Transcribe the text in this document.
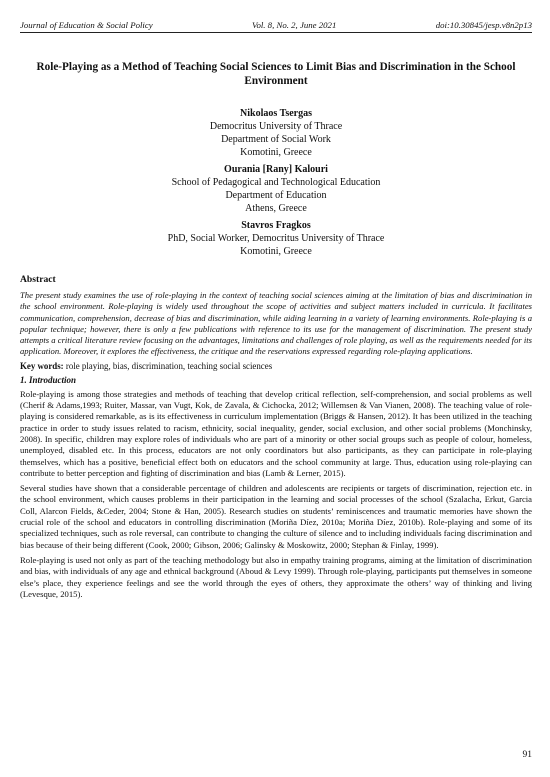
Journal of Education & Social Policy	Vol. 8, No. 2, June 2021	doi:10.30845/jesp.v8n2p13
Role-Playing as a Method of Teaching Social Sciences to Limit Bias and Discrimination in the School Environment
Nikolaos Tsergas
Democritus University of Thrace
Department of Social Work
Komotini, Greece
Ourania [Rany] Kalouri
School of Pedagogical and Technological Education
Department of Education
Athens, Greece
Stavros Fragkos
PhD, Social Worker, Democritus University of Thrace
Komotini, Greece
Abstract
The present study examines the use of role-playing in the context of teaching social sciences aiming at the limitation of bias and discrimination in the school environment. Role-playing is widely used throughout the scope of activities and subject matters included in curricula. It facilitates communication, comprehension, decrease of bias and discrimination, while aiding learning in a variety of learning environments. Role-playing is a popular technique; however, there is only a few publications with reference to its use for the management of discrimination. The present study attempts a critical literature review focusing on the advantages, limitations and challenges of role playing, as well as the requirements needed for its application. Moreover, it explores the effectiveness, the critique and the reservations expressed regarding role-playing applications.
Key words: role playing, bias, discrimination, teaching social sciences
1. Introduction
Role-playing is among those strategies and methods of teaching that develop critical reflection, self-comprehension, and social problems as well (Cherif & Adams,1993; Ruiter, Massar, van Vugt, Kok, de Zavala, & Cichocka, 2012; Willemsen & Van Vianen, 2008). The teaching value of role-playing is considered remarkable, as is its effectiveness in curriculum implementation (Briggs & Hansen, 2012). It has been utilized in the teaching practice in order to study issues related to racism, ethnicity, social inequality, gender, social exclusion, and other social problems (Monchinsky, 2008). In specific, children may explore roles of individuals who are part of a minority or other social groups such as people of colour, homeless, unemployed, disabled etc. In this process, educators are not only coordinators but also participants, as they can participate in role-playing themselves, which has a positive, beneficial effect both on educators and the school community at large. Thus, education using role-playing can contribute to better perception and fighting of discrimination and bias (Lamb & Lerner, 2015).
Several studies have shown that a considerable percentage of children and adolescents are recipients or targets of discrimination, rejection etc. in the school environment, which causes problems in their participation in the learning and social processes of the school (Szalacha, Erkut, Garcia Coll, Alarcon Fields, &Ceder, 2004; Stone & Han, 2005). Research studies on students’ reminiscences and traumatic memories have shown the crucial role of the school and educators in controlling discrimination (Moriña Díez, 2010a; Moriña Díez, 2010b). Role-playing and some of its specialized techniques, such as role reversal, can contribute to changing the culture of silence and to including individuals facing discrimination and bias because of their being different (Cook, 2000; Gibson, 2006; Galinsky & Moskowitz, 2000; Stephan & Finlay, 1999).
Role-playing is used not only as part of the teaching methodology but also in empathy training programs, aiming at the limitation of discrimination and bias, with individuals of any age and ethnical background (Aboud & Levy 1999). Through role-playing, participants put themselves in someone else’s place, they experience feelings and see the world through the eyes of others, they approximate the others’ way of thinking and living (Levesque, 2015).
91
